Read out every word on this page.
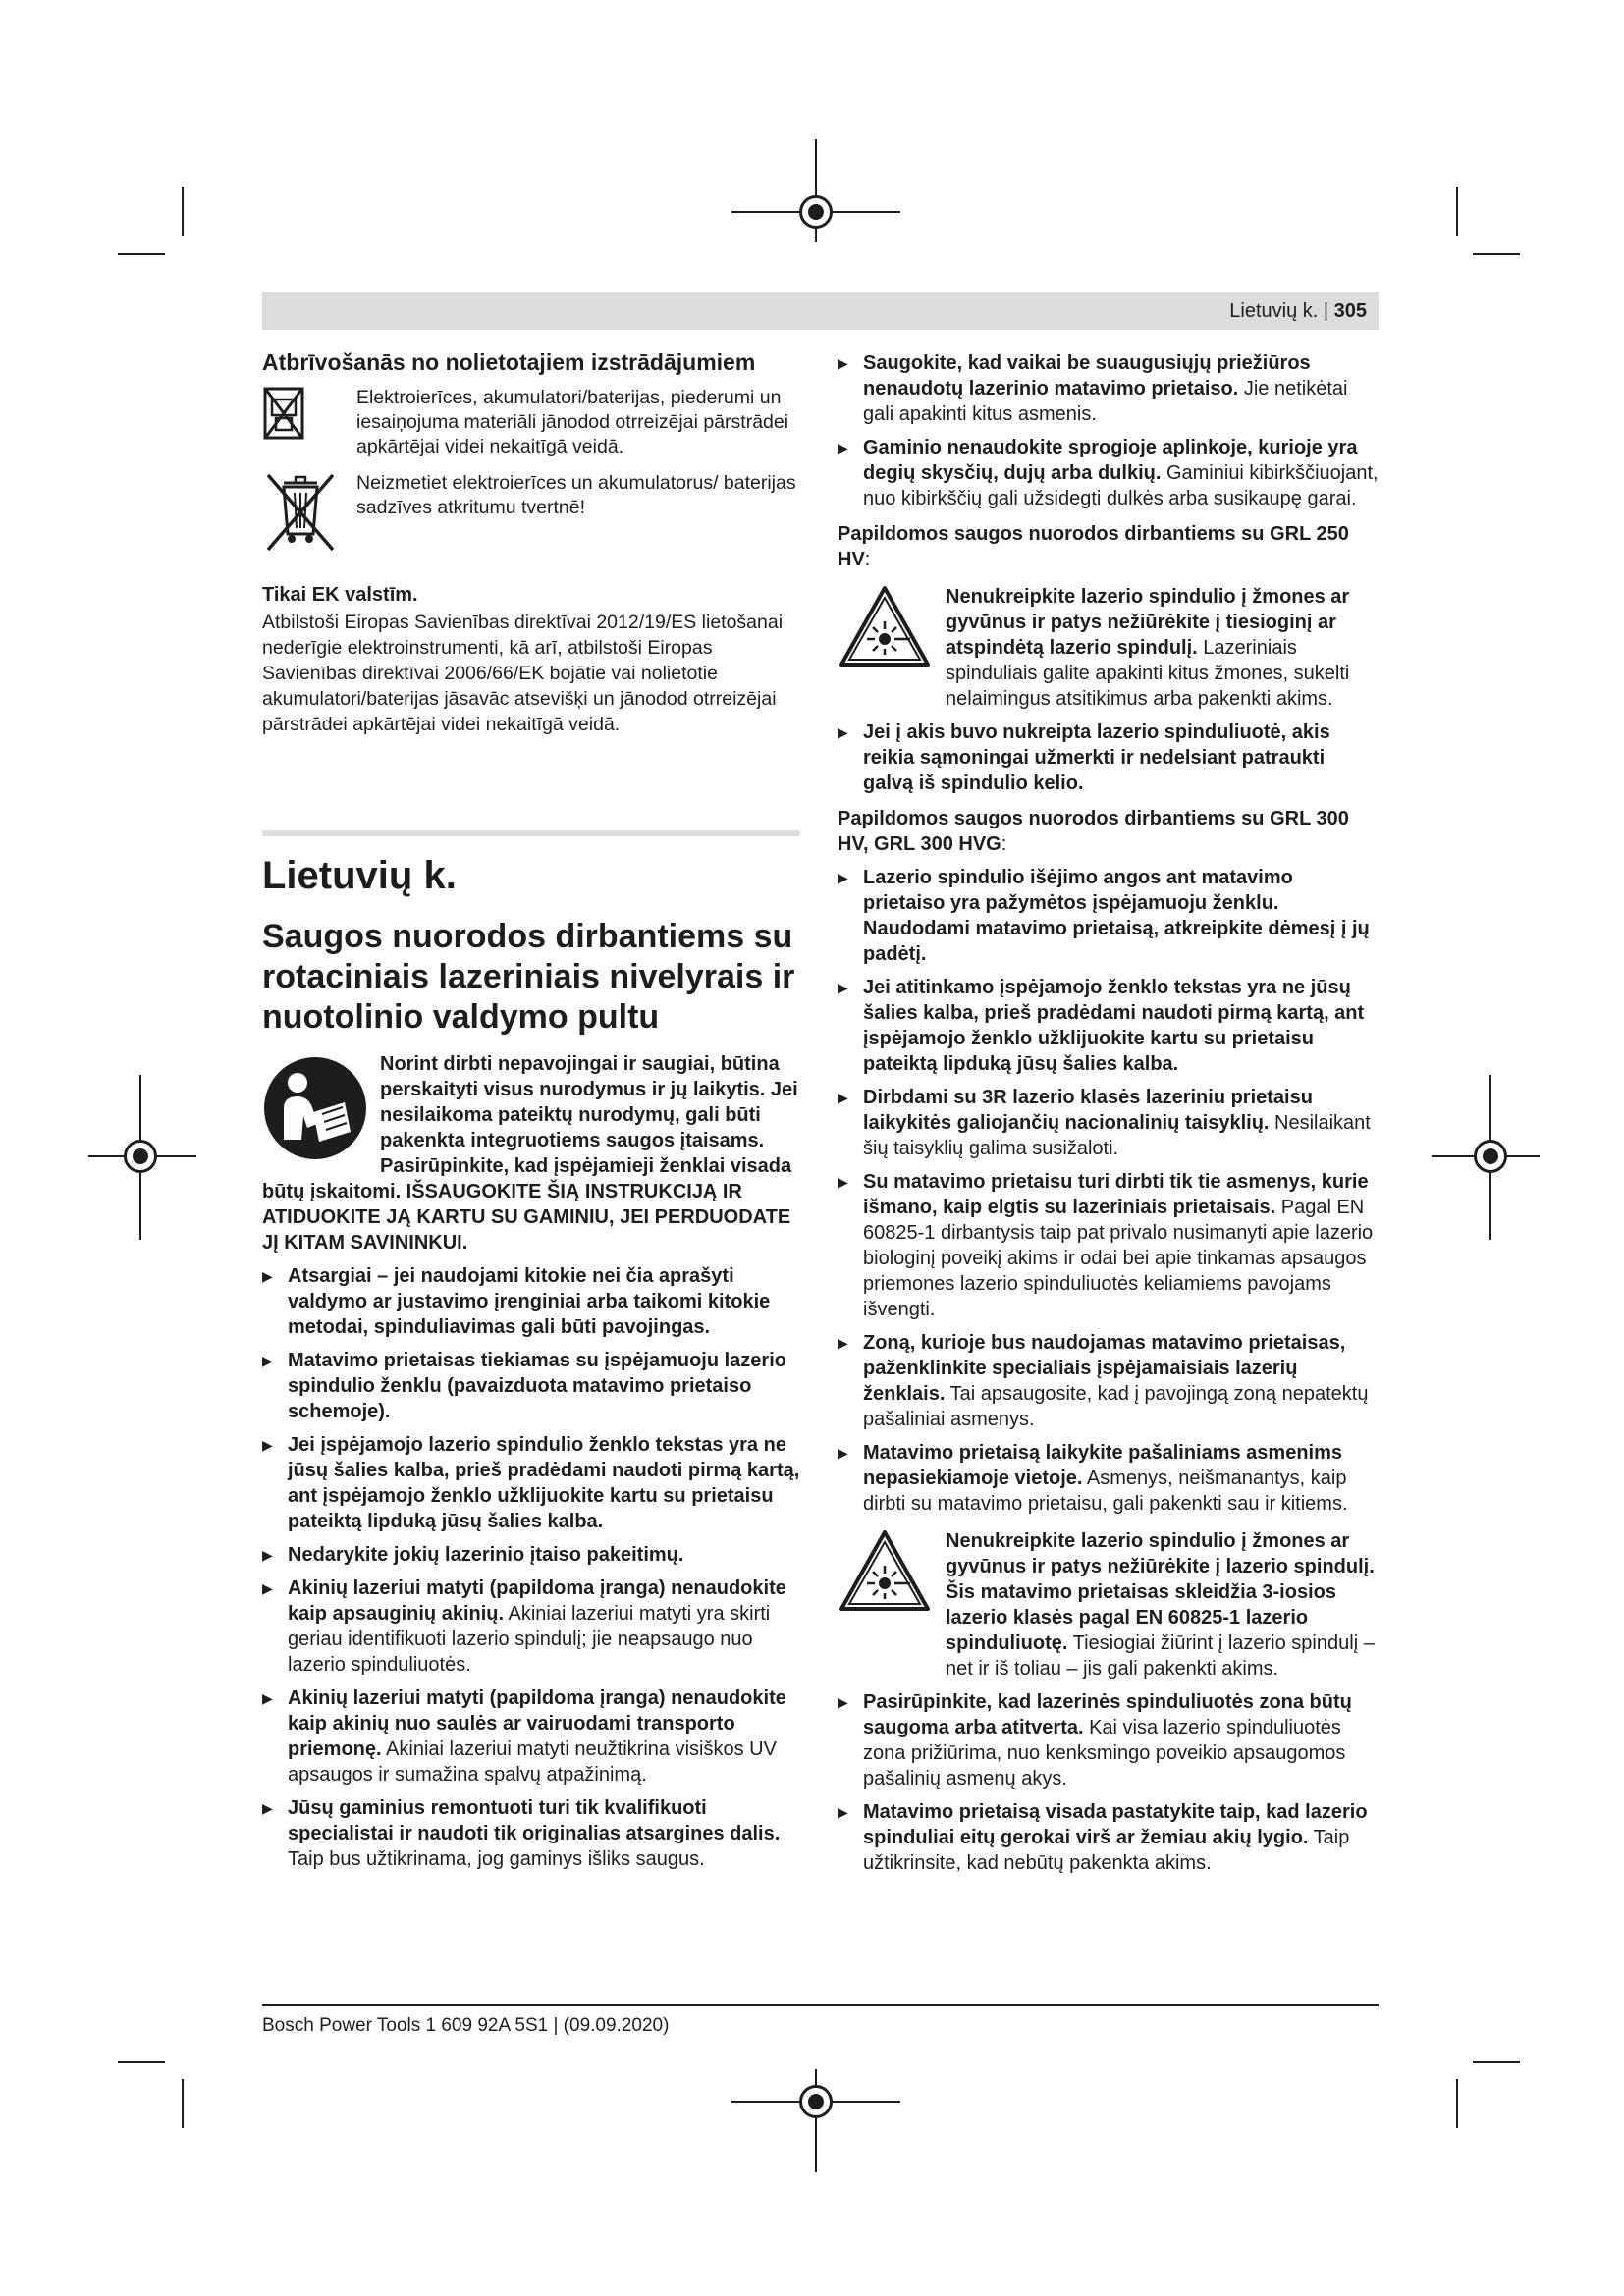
Lietuvių k. | 305
Atbrīvošanās no nolietotajiem izstrādājumiem
Elektroierīces, akumulatori/baterijas, piederumi un iesaiņojuma materiāli jānodod otrreizējai pārstrādei apkārtējai videi nekaitīgā veidā.
Neizmetiet elektroierīces un akumulatorus/ baterijas sadzīves atkritumu tvertnē!
Tikai EK valstīm.

Atbilstoši Eiropas Savienības direktīvai 2012/19/ES lietošanai nederīgie elektroinstrumenti, kā arī, atbilstoši Eiropas Savienības direktīvai 2006/66/EK bojātie vai nolietotie akumulatori/baterijas jāsavāc atsevišķi un jānodod otrreizējai pārstrādei apkārtējai videi nekaitīgā veidā.

Lietuvių k.
Saugos nuorodos dirbantiems su rotaciniais lazeriniais nivelyrais ir nuotolinio valdymo pultu
Norint dirbti nepavojingai ir saugiai, būtina perskaityti visus nurodymus ir jų laikytis. Jei nesilaikoma pateiktų nurodymų, gali būti pakenkta integruotiems saugos įtaisams. Pasirūpinkite, kad įspėjamieji ženklai visada būtų įskaitomi. IŠSAUGOKITE ŠIĄ INSTRUKCIJĄ IR ATIDUOKITE JĄ KARTU SU GAMINIU, JEI PERDUODATE JĮ KITAM SAVININKUI.
▶ Atsargiai – jei naudojami kitokie nei čia aprašyti valdymo ar justavimo įrenginiai arba taikomi kitokie metodai, spinduliavimas gali būti pavojingas.
▶ Matavimo prietaisas tiekiamas su įspėjamuoju lazerio spindulio ženklu (pavaizduota matavimo prietaiso schemoje).
▶ Jei įspėjamojo lazerio spindulio ženklo tekstas yra ne jūsų šalies kalba, prieš pradėdami naudoti pirmą kartą, ant įspėjamojo ženklo užklijuokite kartu su prietaisu pateiktą lipduką jūsų šalies kalba.
▶ Nedarykite jokių lazerinio įtaiso pakeitimų.
▶ Akinių lazeriui matyti (papildoma įranga) nenaudokite kaip apsauginių akinių. Akiniai lazeriui matyti yra skirti geriau identifikuoti lazerio spindulį; jie neapsaugo nuo lazerio spinduliuotės.
▶ Akinių lazeriui matyti (papildoma įranga) nenaudokite kaip akinių nuo saulės ar vairuodami transporto priemonę. Akiniai lazeriui matyti neužtikrina visiškos UV apsaugos ir sumažina spalvų atpažinimą.
▶ Jūsų gaminius remontuoti turi tik kvalifikuoti specialistai ir naudoti tik originalias atsargines dalis. Taip bus užtikrinama, jog gaminys išliks saugus.
▶ Saugokite, kad vaikai be suaugusiųjų priežiūros nenaudotų lazerinio matavimo prietaiso. Jie netikėtai gali apakinti kitus asmenis.
▶ Gaminio nenaudokite sprogioje aplinkoje, kurioje yra degių skysčių, dujų arba dulkių. Gaminiui kibirkščiuojant, nuo kibirkščių gali užsidegti dulkės arba susikaupę garai.
Papildomos saugos nuorodos dirbantiems su GRL 250 HV:
Nenukreipkite lazerio spindulio į žmones ar gyvūnus ir patys nežiūrėkite į tiesioginį ar atspindėtą lazerio spindulį. Lazeriniais spinduliais galite apakinti kitus žmones, sukelti nelaimingus atsitikimus arba pakenkti akims.
▶ Jei į akis buvo nukreipta lazerio spinduliuotė, akis reikia sąmoningai užmerkti ir nedelsiant patraukti galvą iš spindulio kelio.
Papildomos saugos nuorodos dirbantiems su GRL 300 HV, GRL 300 HVG:
▶ Lazerio spindulio išėjimo angos ant matavimo prietaiso yra pažymėtos įspėjamuoju ženklu. Naudodami matavimo prietaisą, atkreipkite dėmesį į jų padėtį.
▶ Jei atitinkamo įspėjamojo ženklo tekstas yra ne jūsų šalies kalba, prieš pradėdami naudoti pirmą kartą, ant įspėjamojo ženklo užklijuokite kartu su prietaisu pateiktą lipduką jūsų šalies kalba.
▶ Dirbdami su 3R lazerio klasės lazeriniu prietaisu laikykitės galiojančių nacionalinių taisyklių. Nesilaikant šių taisyklių galima susižaloti.
▶ Su matavimo prietaisu turi dirbti tik tie asmenys, kurie išmano, kaip elgtis su lazeriniais prietaisais. Pagal EN 60825-1 dirbantysis taip pat privalo nusimanyti apie lazerio biologinį poveikį akims ir odai bei apie tinkamas apsaugos priemones lazerio spinduliuotės keliamiems pavojams išvengti.
▶ Zoną, kurioje bus naudojamas matavimo prietaisas, paženklinkite specialiais įspėjamaisiais lazerių ženklais. Tai apsaugosite, kad į pavojingą zoną nepatektų pašaliniai asmenys.
▶ Matavimo prietaisą laikykite pašaliniams asmenims nepasiekiamoje vietoje. Asmenys, neišmanantys, kaip dirbti su matavimo prietaisu, gali pakenkti sau ir kitiems.
Nenukreipkite lazerio spindulio į žmones ar gyvūnus ir patys nežiūrėkite į lazerio spindulį. Šis matavimo prietaisas skleidžia 3-iosios lazerio klasės pagal EN 60825-1 lazerio spinduliuotę. Tiesiogiai žiūrint į lazerio spindulį – net ir iš toliau – jis gali pakenkti akims.
▶ Pasirūpinkite, kad lazerinės spinduliuotės zona būtų saugoma arba atitverta. Kai visa lazerio spinduliuotės zona prižiūrima, nuo kenksmingo poveikio apsaugomos pašalinių asmenų akys.
▶ Matavimo prietaisą visada pastatykite taip, kad lazerio spinduliai eitų gerokai virš ar žemiau akių lygio. Taip užtikrinsite, kad nebūtų pakenkta akims.
Bosch Power Tools 1 609 92A 5S1 | (09.09.2020)
